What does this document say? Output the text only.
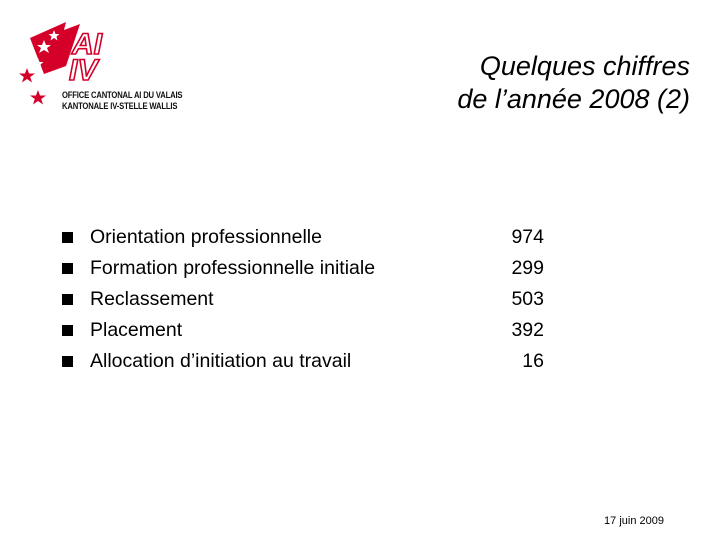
AI
IV
OFFICE CANTONAL AI DU VALAIS
KANTONALE IV-STELLE WALLIS
Quelques chiffres
de l’année 2008 (2)
Orientation professionnelle	974
Formation professionnelle initiale	299
Reclassement	503
Placement	392
Allocation d’initiation au travail	16
17 juin 2009
